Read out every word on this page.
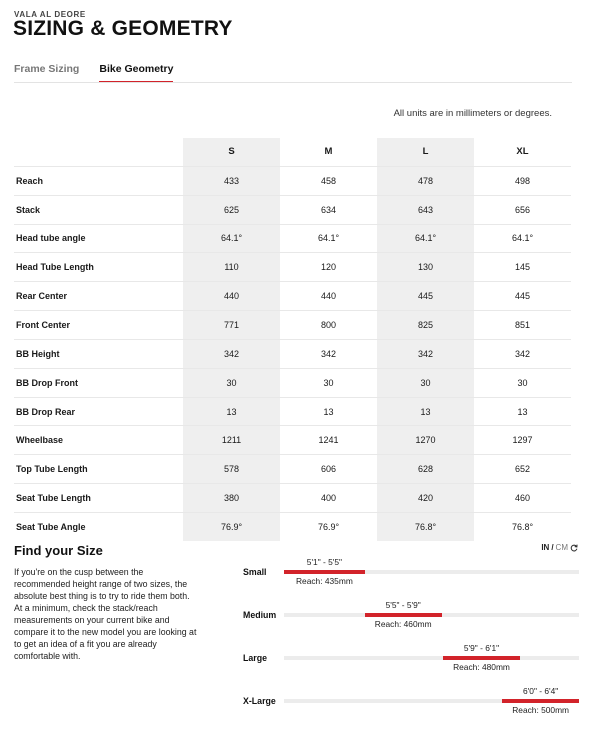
VALA AL DEORE
SIZING & GEOMETRY
Frame Sizing Bike Geometry
All units are in millimeters or degrees.
	S	M	L	XL
Reach	433	458	478	498
Stack	625	634	643	656
Head tube angle	64.1°	64.1°	64.1°	64.1°
Head Tube Length	110	120	130	145
Rear Center	440	440	445	445
Front Center	771	800	825	851
BB Height	342	342	342	342
BB Drop Front	30	30	30	30
BB Drop Rear	13	13	13	13
Wheelbase	1211	1241	1270	1297
Top Tube Length	578	606	628	652
Seat Tube Length	380	400	420	460
Seat Tube Angle	76.9°	76.9°	76.8°	76.8°
Find your Size
If you're on the cusp between the recommended height range of two sizes, the absolute best thing is to try to ride them both. At a minimum, check the stack/reach measurements on your current bike and compare it to the new model you are looking at to get an idea of a fit you are already comfortable with.
IN / CM
Small
5'1" - 5'5"
Reach: 435mm
Medium
5'5" - 5'9"
Reach: 460mm
Large
5'9" - 6'1"
Reach: 480mm
X-Large
6'0" - 6'4"
Reach: 500mm
